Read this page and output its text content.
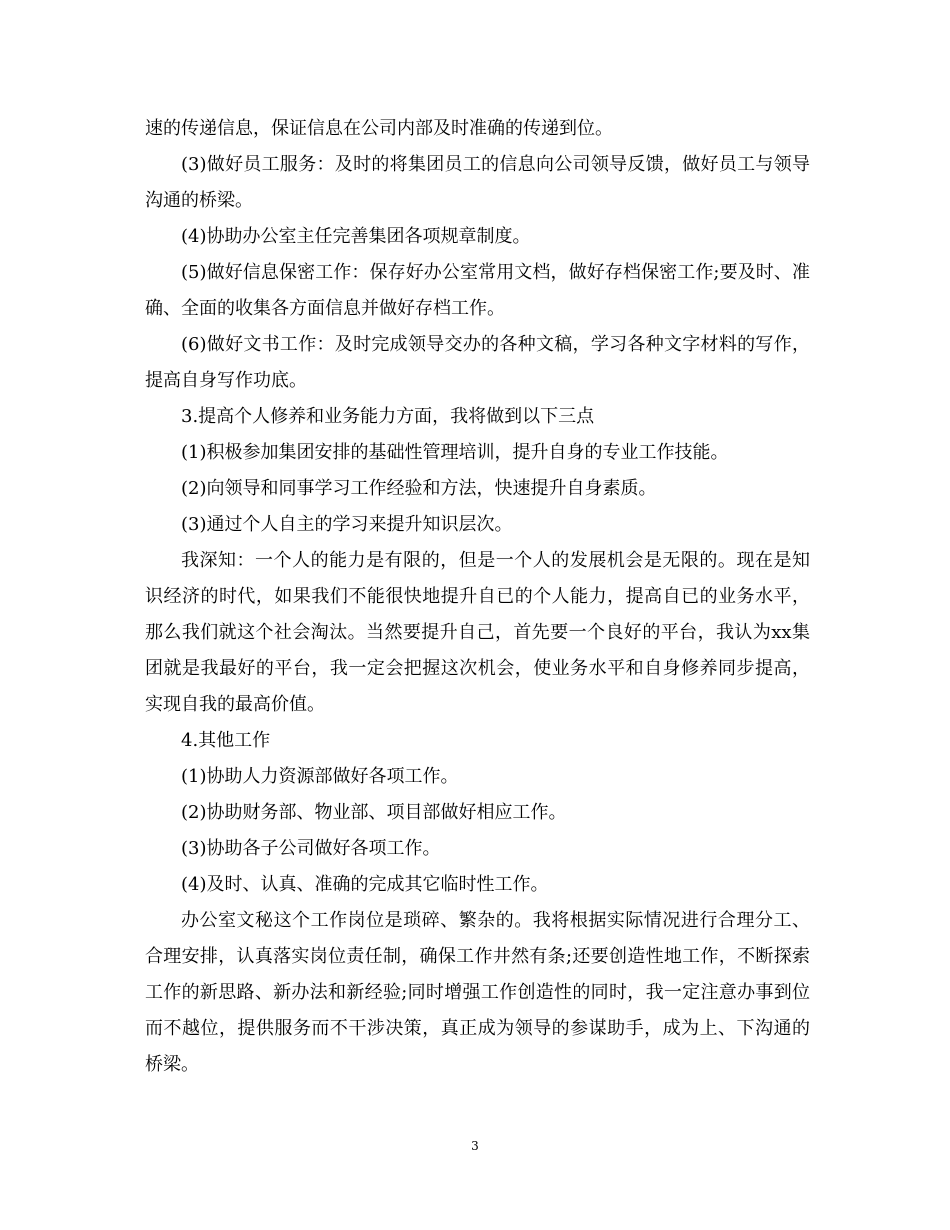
速的传递信息，保证信息在公司内部及时准确的传递到位。

(3)做好员工服务：及时的将集团员工的信息向公司领导反馈，做好员工与领导沟通的桥梁。

(4)协助办公室主任完善集团各项规章制度。

(5)做好信息保密工作：保存好办公室常用文档，做好存档保密工作;要及时、准确、全面的收集各方面信息并做好存档工作。

(6)做好文书工作：及时完成领导交办的各种文稿，学习各种文字材料的写作，提高自身写作功底。

3.提高个人修养和业务能力方面，我将做到以下三点

(1)积极参加集团安排的基础性管理培训，提升自身的专业工作技能。

(2)向领导和同事学习工作经验和方法，快速提升自身素质。

(3)通过个人自主的学习来提升知识层次。

我深知：一个人的能力是有限的，但是一个人的发展机会是无限的。现在是知识经济的时代，如果我们不能很快地提升自已的个人能力，提高自已的业务水平，那么我们就这个社会淘汰。当然要提升自己，首先要一个良好的平台，我认为xx集团就是我最好的平台，我一定会把握这次机会，使业务水平和自身修养同步提高，实现自我的最高价值。

4.其他工作

(1)协助人力资源部做好各项工作。

(2)协助财务部、物业部、项目部做好相应工作。

(3)协助各子公司做好各项工作。

(4)及时、认真、准确的完成其它临时性工作。

办公室文秘这个工作岗位是琐碎、繁杂的。我将根据实际情况进行合理分工、合理安排，认真落实岗位责任制，确保工作井然有条;还要创造性地工作，不断探索工作的新思路、新办法和新经验;同时增强工作创造性的同时，我一定注意办事到位而不越位，提供服务而不干涉决策，真正成为领导的参谋助手，成为上、下沟通的桥梁。

3
